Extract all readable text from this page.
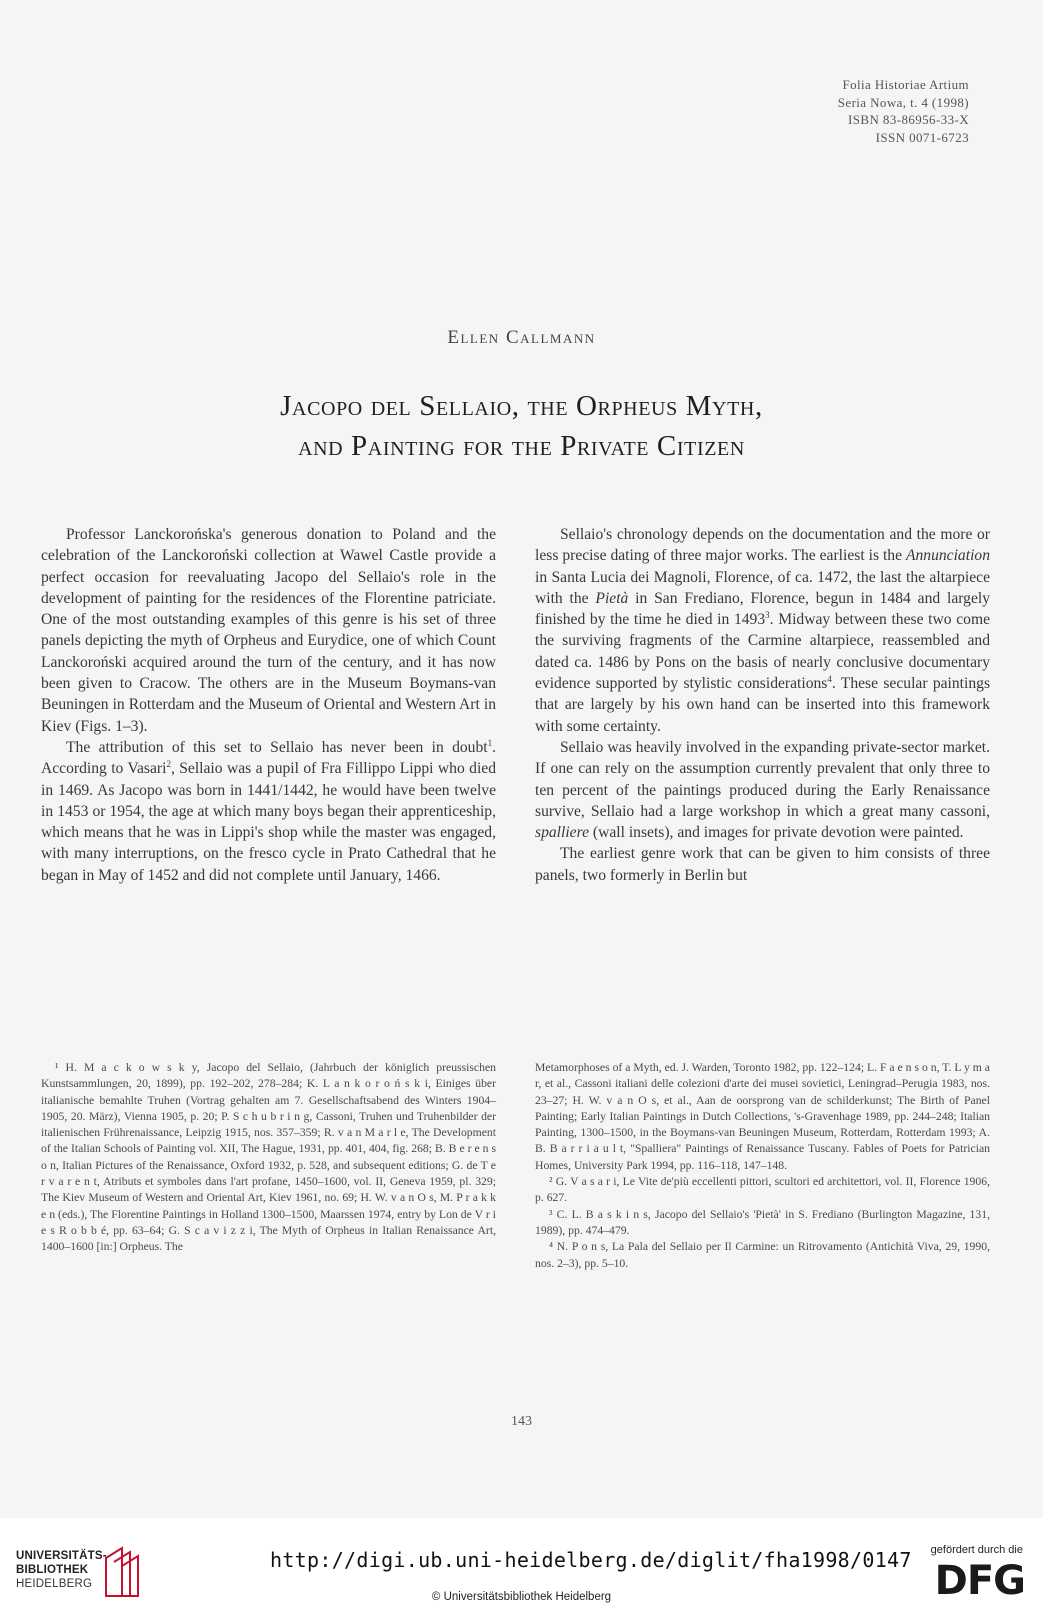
Folia Historiae Artium
Seria Nowa, t. 4 (1998)
ISBN 83-86956-33-X
ISSN 0071-6723
Ellen Callmann
Jacopo del Sellaio, the Orpheus Myth,
and Painting for the Private Citizen

Professor Lanckorońska's generous donation to Poland and the celebration of the Lanckoroński collection at Wawel Castle provide a perfect occasion for reevaluating Jacopo del Sellaio's role in the development of painting for the residences of the Florentine patriciate. One of the most outstanding examples of this genre is his set of three panels depicting the myth of Orpheus and Eurydice, one of which Count Lanckoroński acquired around the turn of the century, and it has now been given to Cracow. The others are in the Museum Boymans-van Beuningen in Rotterdam and the Museum of Oriental and Western Art in Kiev (Figs. 1–3).

The attribution of this set to Sellaio has never been in doubt$^1$. According to Vasari$^2$, Sellaio was a pupil of Fra Fillippo Lippi who died in 1469. As Jacopo was born in 1441/1442, he would have been twelve in 1453 or 1954, the age at which many boys began their apprenticeship, which means that he was in Lippi's shop while the master was engaged, with many interruptions, on the fresco cycle in Prato Cathedral that he began in May of 1452 and did not complete until January, 1466.

Sellaio's chronology depends on the documentation and the more or less precise dating of three major works. The earliest is the Annunciation in Santa Lucia dei Magnoli, Florence, of ca. 1472, the last the altarpiece with the Pietà in San Frediano, Florence, begun in 1484 and largely finished by the time he died in 1493$^3$. Midway between these two come the surviving fragments of the Carmine altarpiece, reassembled and dated ca. 1486 by Pons on the basis of nearly conclusive documentary evidence supported by stylistic considerations$^4$. These secular paintings that are largely by his own hand can be inserted into this framework with some certainty.

Sellaio was heavily involved in the expanding private-sector market. If one can rely on the assumption currently prevalent that only three to ten percent of the paintings produced during the Early Renaissance survive, Sellaio had a large workshop in which a great many cassoni, spalliere (wall insets), and images for private devotion were painted.

The earliest genre work that can be given to him consists of three panels, two formerly in Berlin but

¹ H. M a c k o w s k y, Jacopo del Sellaio, (Jahrbuch der königlich preussischen Kunstsammlungen, 20, 1899), pp. 192–202, 278–284; K. L a n k o r o ń s k i, Einiges über italianische bemahlte Truhen (Vortrag gehalten am 7. Gesellschaftsabend des Winters 1904–1905, 20. März), Vienna 1905, p. 20; P. S c h u b r i n g, Cassoni, Truhen und Truhenbilder der italienischen Frührenaissance, Leipzig 1915, nos. 357–359; R. v a n M a r l e, The Development of the Italian Schools of Painting vol. XII, The Hague, 1931, pp. 401, 404, fig. 268; B. B e r e n s o n, Italian Pictures of the Renaissance, Oxford 1932, p. 528, and subsequent editions; G. de T e r v a r e n t, Atributs et symboles dans l'art profane, 1450–1600, vol. II, Geneva 1959, pl. 329; The Kiev Museum of Western and Oriental Art, Kiev 1961, no. 69; H. W. v a n O s, M. P r a k k e n (eds.), The Florentine Paintings in Holland 1300–1500, Maarssen 1974, entry by Lon de V r i e s R o b b é, pp. 63–64; G. S c a v i z z i, The Myth of Orpheus in Italian Renaissance Art, 1400–1600 [in:] Orpheus. The

Metamorphoses of a Myth, ed. J. Warden, Toronto 1982, pp. 122–124; L. F a e n s o n, T. L y m a r, et al., Cassoni italiani delle colezioni d'arte dei musei sovietici, Leningrad–Perugia 1983, nos. 23–27; H. W. v a n O s, et al., Aan de oorsprong van de schilderkunst; The Birth of Panel Painting; Early Italian Paintings in Dutch Collections, 's-Gravenhage 1989, pp. 244–248; Italian Painting, 1300–1500, in the Boymans-van Beuningen Museum, Rotterdam, Rotterdam 1993; A. B. B a r r i a u l t, "Spalliera" Paintings of Renaissance Tuscany. Fables of Poets for Patrician Homes, University Park 1994, pp. 116–118, 147–148.

² G. V a s a r i, Le Vite de'più eccellenti pittori, scultori ed architettori, vol. II, Florence 1906, p. 627.

³ C. L. B a s k i n s, Jacopo del Sellaio's 'Pietà' in S. Frediano (Burlington Magazine, 131, 1989), pp. 474–479.

⁴ N. P o n s, La Pala del Sellaio per Il Carmine: un Ritrovamento (Antichità Viva, 29, 1990, nos. 2–3), pp. 5–10.

143
UNIVERSITÄTS-
BIBLIOTHEK
HEIDELBERG
http://digi.ub.uni-heidelberg.de/diglit/fha1998/0147
© Universitätsbibliothek Heidelberg
gefördert durch die
DFG
